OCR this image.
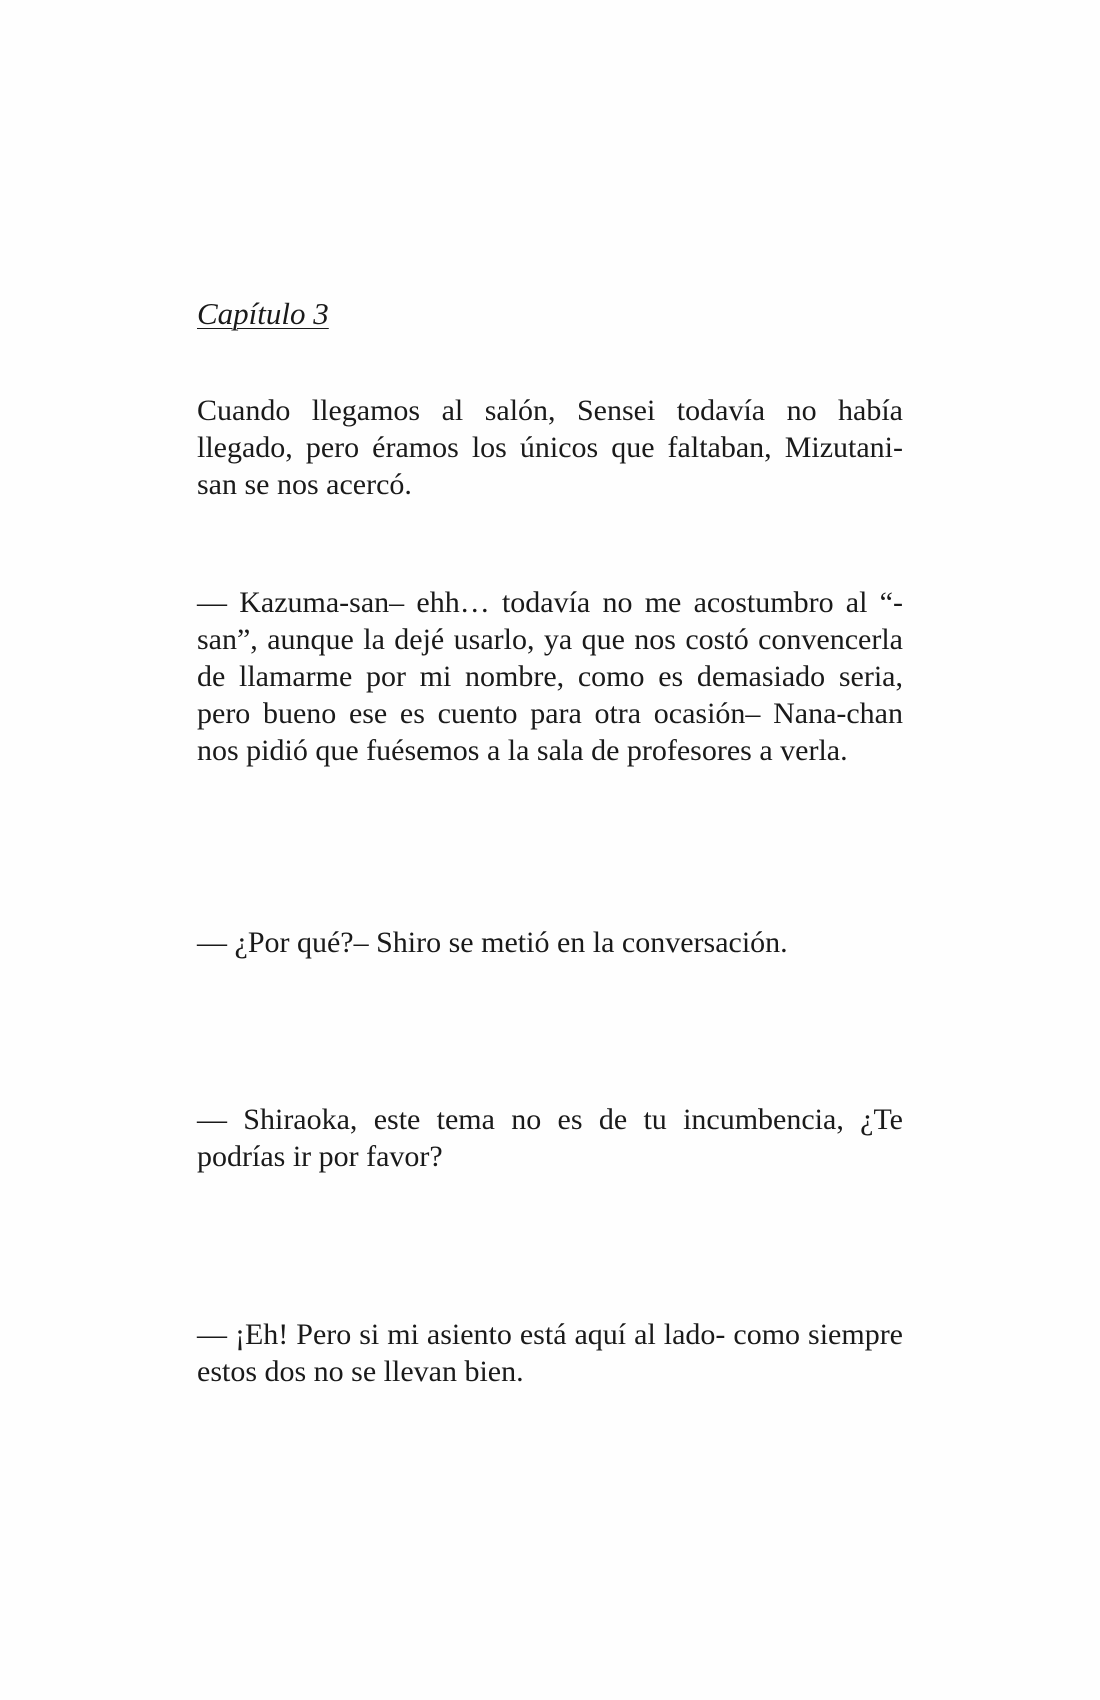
Capítulo 3

Cuando llegamos al salón, Sensei todavía no había llegado, pero éramos los únicos que faltaban, Mizutani-san se nos acercó.

— Kazuma-san– ehh… todavía no me acostumbro al “-san”, aunque la dejé usarlo, ya que nos costó convencerla de llamarme por mi nombre, como es demasiado seria, pero bueno ese es cuento para otra ocasión– Nana-chan nos pidió que fuésemos a la sala de profesores a verla.

— ¿Por qué?– Shiro se metió en la conversación.

— Shiraoka, este tema no es de tu incumbencia, ¿Te podrías ir por favor?

— ¡Eh! Pero si mi asiento está aquí al lado- como siempre estos dos no se llevan bien.
